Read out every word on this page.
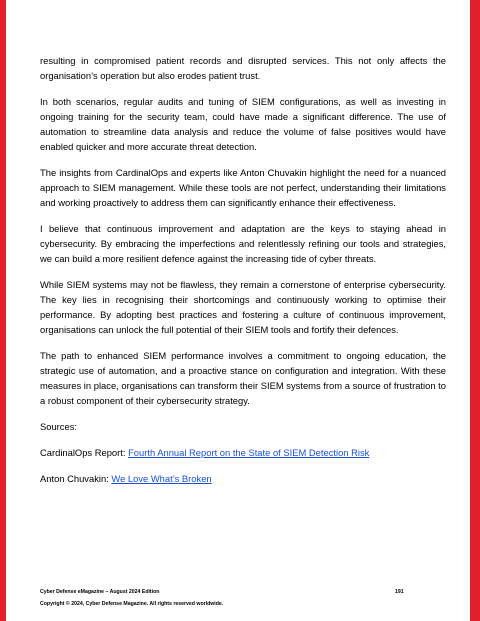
resulting in compromised patient records and disrupted services. This not only affects the organisation’s operation but also erodes patient trust.

In both scenarios, regular audits and tuning of SIEM configurations, as well as investing in ongoing training for the security team, could have made a significant difference. The use of automation to streamline data analysis and reduce the volume of false positives would have enabled quicker and more accurate threat detection.

The insights from CardinalOps and experts like Anton Chuvakin highlight the need for a nuanced approach to SIEM management. While these tools are not perfect, understanding their limitations and working proactively to address them can significantly enhance their effectiveness.

I believe that continuous improvement and adaptation are the keys to staying ahead in cybersecurity. By embracing the imperfections and relentlessly refining our tools and strategies, we can build a more resilient defence against the increasing tide of cyber threats.

While SIEM systems may not be flawless, they remain a cornerstone of enterprise cybersecurity. The key lies in recognising their shortcomings and continuously working to optimise their performance. By adopting best practices and fostering a culture of continuous improvement, organisations can unlock the full potential of their SIEM tools and fortify their defences.

The path to enhanced SIEM performance involves a commitment to ongoing education, the strategic use of automation, and a proactive stance on configuration and integration. With these measures in place, organisations can transform their SIEM systems from a source of frustration to a robust component of their cybersecurity strategy.

Sources:

CardinalOps Report: Fourth Annual Report on the State of SIEM Detection Risk

Anton Chuvakin: We Love What’s Broken

Cyber Defense eMagazine – August 2024 Edition	191
Copyright © 2024, Cyber Defense Magazine. All rights reserved worldwide.
